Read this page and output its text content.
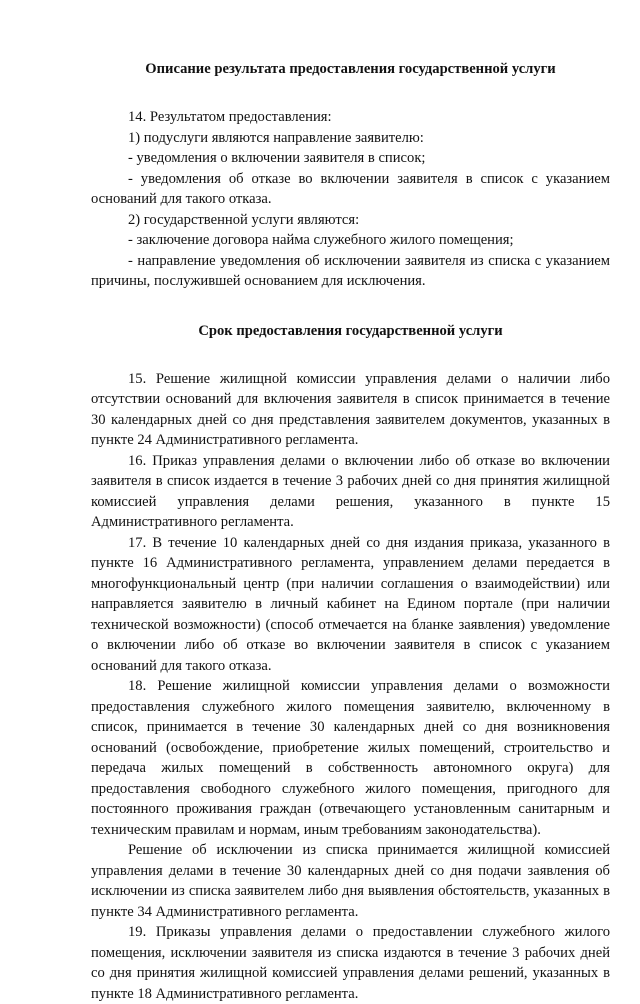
Описание результата предоставления государственной услуги

14. Результатом предоставления:

1) подуслуги являются направление заявителю:

- уведомления о включении заявителя в список;

- уведомления об отказе во включении заявителя в список с указанием оснований для такого отказа.

2) государственной услуги являются:

- заключение договора найма служебного жилого помещения;

- направление уведомления об исключении заявителя из списка с указанием причины, послужившей основанием для исключения.

Срок предоставления государственной услуги

15. Решение жилищной комиссии управления делами о наличии либо отсутствии оснований для включения заявителя в список принимается в течение 30 календарных дней со дня представления заявителем документов, указанных в пункте 24 Административного регламента.

16. Приказ управления делами о включении либо об отказе во включении заявителя в список издается в течение 3 рабочих дней со дня принятия жилищной комиссией управления делами решения, указанного в пункте 15 Административного регламента.

17. В течение 10 календарных дней со дня издания приказа, указанного в пункте 16 Административного регламента, управлением делами передается в многофункциональный центр (при наличии соглашения о взаимодействии) или направляется заявителю в личный кабинет на Едином портале (при наличии технической возможности) (способ отмечается на бланке заявления) уведомление о включении либо об отказе во включении заявителя в список с указанием оснований для такого отказа.

18. Решение жилищной комиссии управления делами о возможности предоставления служебного жилого помещения заявителю, включенному в список, принимается в течение 30 календарных дней со дня возникновения оснований (освобождение, приобретение жилых помещений, строительство и передача жилых помещений в собственность автономного округа) для предоставления свободного служебного жилого помещения, пригодного для постоянного проживания граждан (отвечающего установленным санитарным и техническим правилам и нормам, иным требованиям законодательства).

Решение об исключении из списка принимается жилищной комиссией управления делами в течение 30 календарных дней со дня подачи заявления об исключении из списка заявителем либо дня выявления обстоятельств, указанных в пункте 34 Административного регламента.

19. Приказы управления делами о предоставлении служебного жилого помещения, исключении заявителя из списка издаются в течение 3 рабочих дней со дня принятия жилищной комиссией управления делами решений, указанных в пункте 18 Административного регламента.
